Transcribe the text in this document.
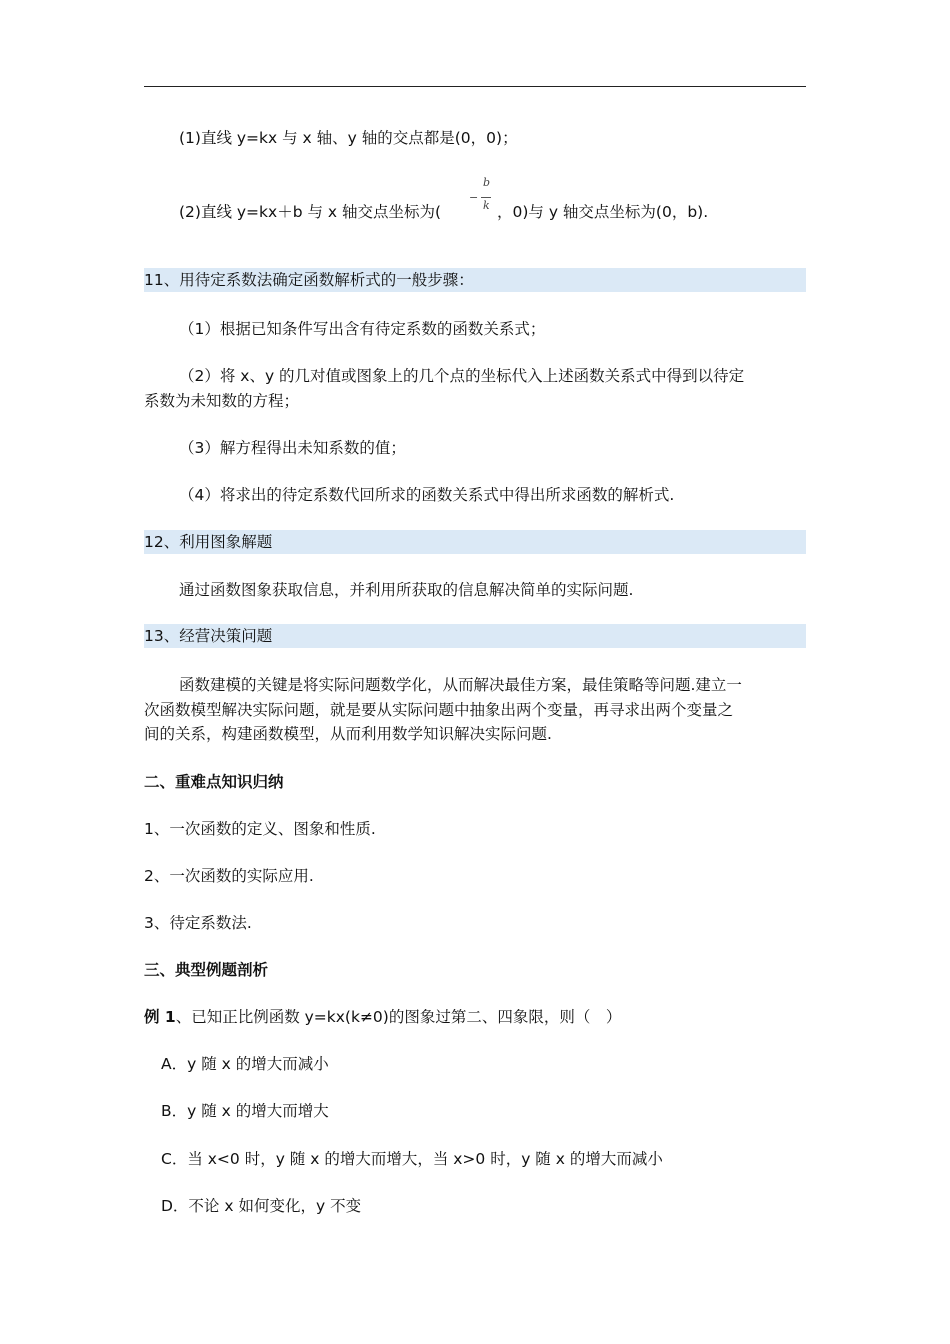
(1)直线 y=kx 与 x 轴、y 轴的交点都是(0，0)；
(2)直线 y=kx＋b 与 x 轴交点坐标为(
−
b
k ，0)与 y 轴交点坐标为(0，b).
11、用待定系数法确定函数解析式的一般步骤：
（1）根据已知条件写出含有待定系数的函数关系式；
（2）将 x、y 的几对值或图象上的几个点的坐标代入上述函数关系式中得到以待定
系数为未知数的方程；
（3）解方程得出未知系数的值；
（4）将求出的待定系数代回所求的函数关系式中得出所求函数的解析式.
12、利用图象解题
通过函数图象获取信息，并利用所获取的信息解决简单的实际问题.
13、经营决策问题
函数建模的关键是将实际问题数学化，从而解决最佳方案，最佳策略等问题.建立一
次函数模型解决实际问题，就是要从实际问题中抽象出两个变量，再寻求出两个变量之
间的关系，构建函数模型，从而利用数学知识解决实际问题.
二、重难点知识归纳
1、一次函数的定义、图象和性质.
2、一次函数的实际应用.
3、待定系数法.
三、典型例题剖析
例 1、已知正比例函数 y=kx(k≠0)的图象过第二、四象限，则（　）
A．y 随 x 的增大而减小
B．y 随 x 的增大而增大
C．当 x<0 时，y 随 x 的增大而增大，当 x>0 时，y 随 x 的增大而减小
D．不论 x 如何变化，y 不变
